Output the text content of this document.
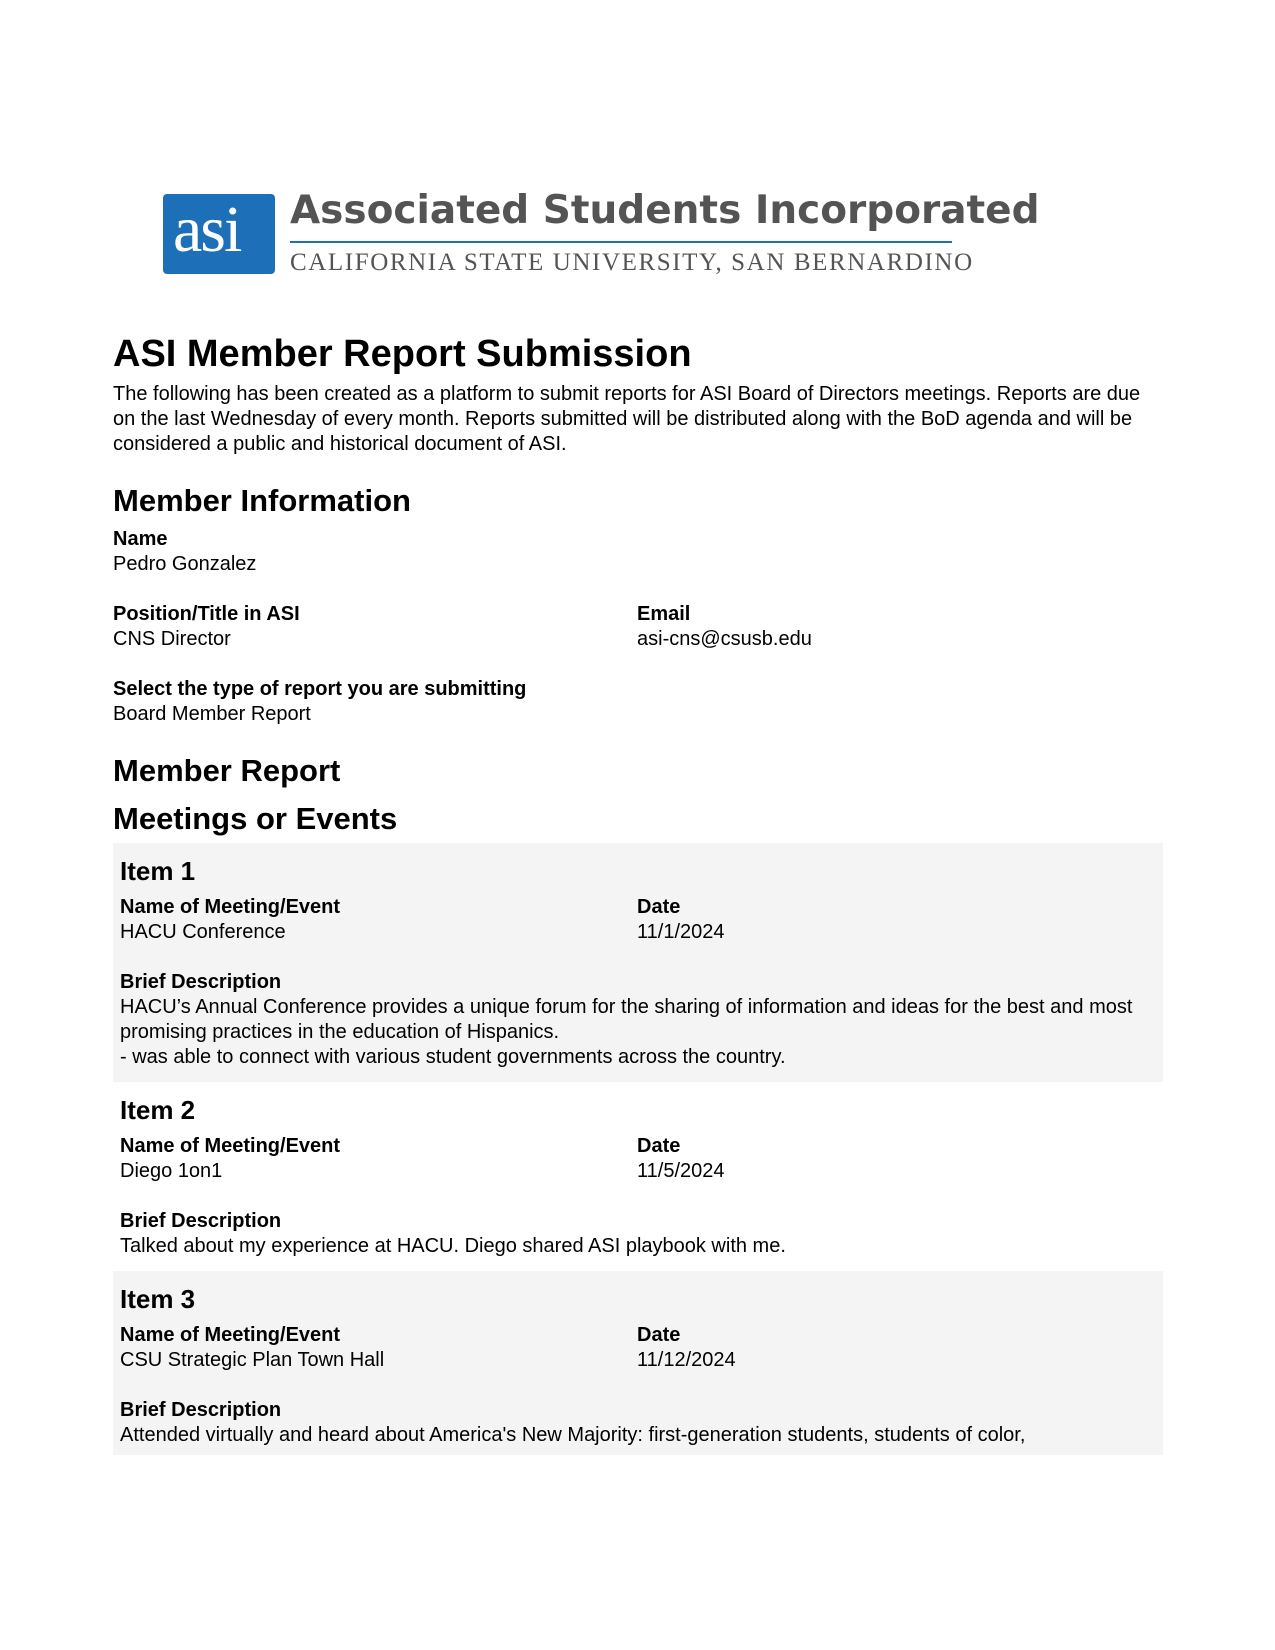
asi Associated Students Incorporated
CALIFORNIA STATE UNIVERSITY, SAN BERNARDINO
ASI Member Report Submission

The following has been created as a platform to submit reports for ASI Board of Directors meetings. Reports are due on the last Wednesday of every month. Reports submitted will be distributed along with the BoD agenda and will be considered a public and historical document of ASI.

Member Information
Name
Pedro Gonzalez
Position/Title in ASI
CNS Director
Email
asi-cns@csusb.edu
Select the type of report you are submitting
Board Member Report
Member Report
Meetings or Events
Item 1
Name of Meeting/Event
HACU Conference
Date
11/1/2024
Brief Description
HACU’s Annual Conference provides a unique forum for the sharing of information and ideas for the best and most promising practices in the education of Hispanics.
- was able to connect with various student governments across the country.
Item 2
Name of Meeting/Event
Diego 1on1
Date
11/5/2024
Brief Description
Talked about my experience at HACU. Diego shared ASI playbook with me.
Item 3
Name of Meeting/Event
CSU Strategic Plan Town Hall
Date
11/12/2024
Brief Description
Attended virtually and heard about America's New Majority: first-generation students, students of color,
